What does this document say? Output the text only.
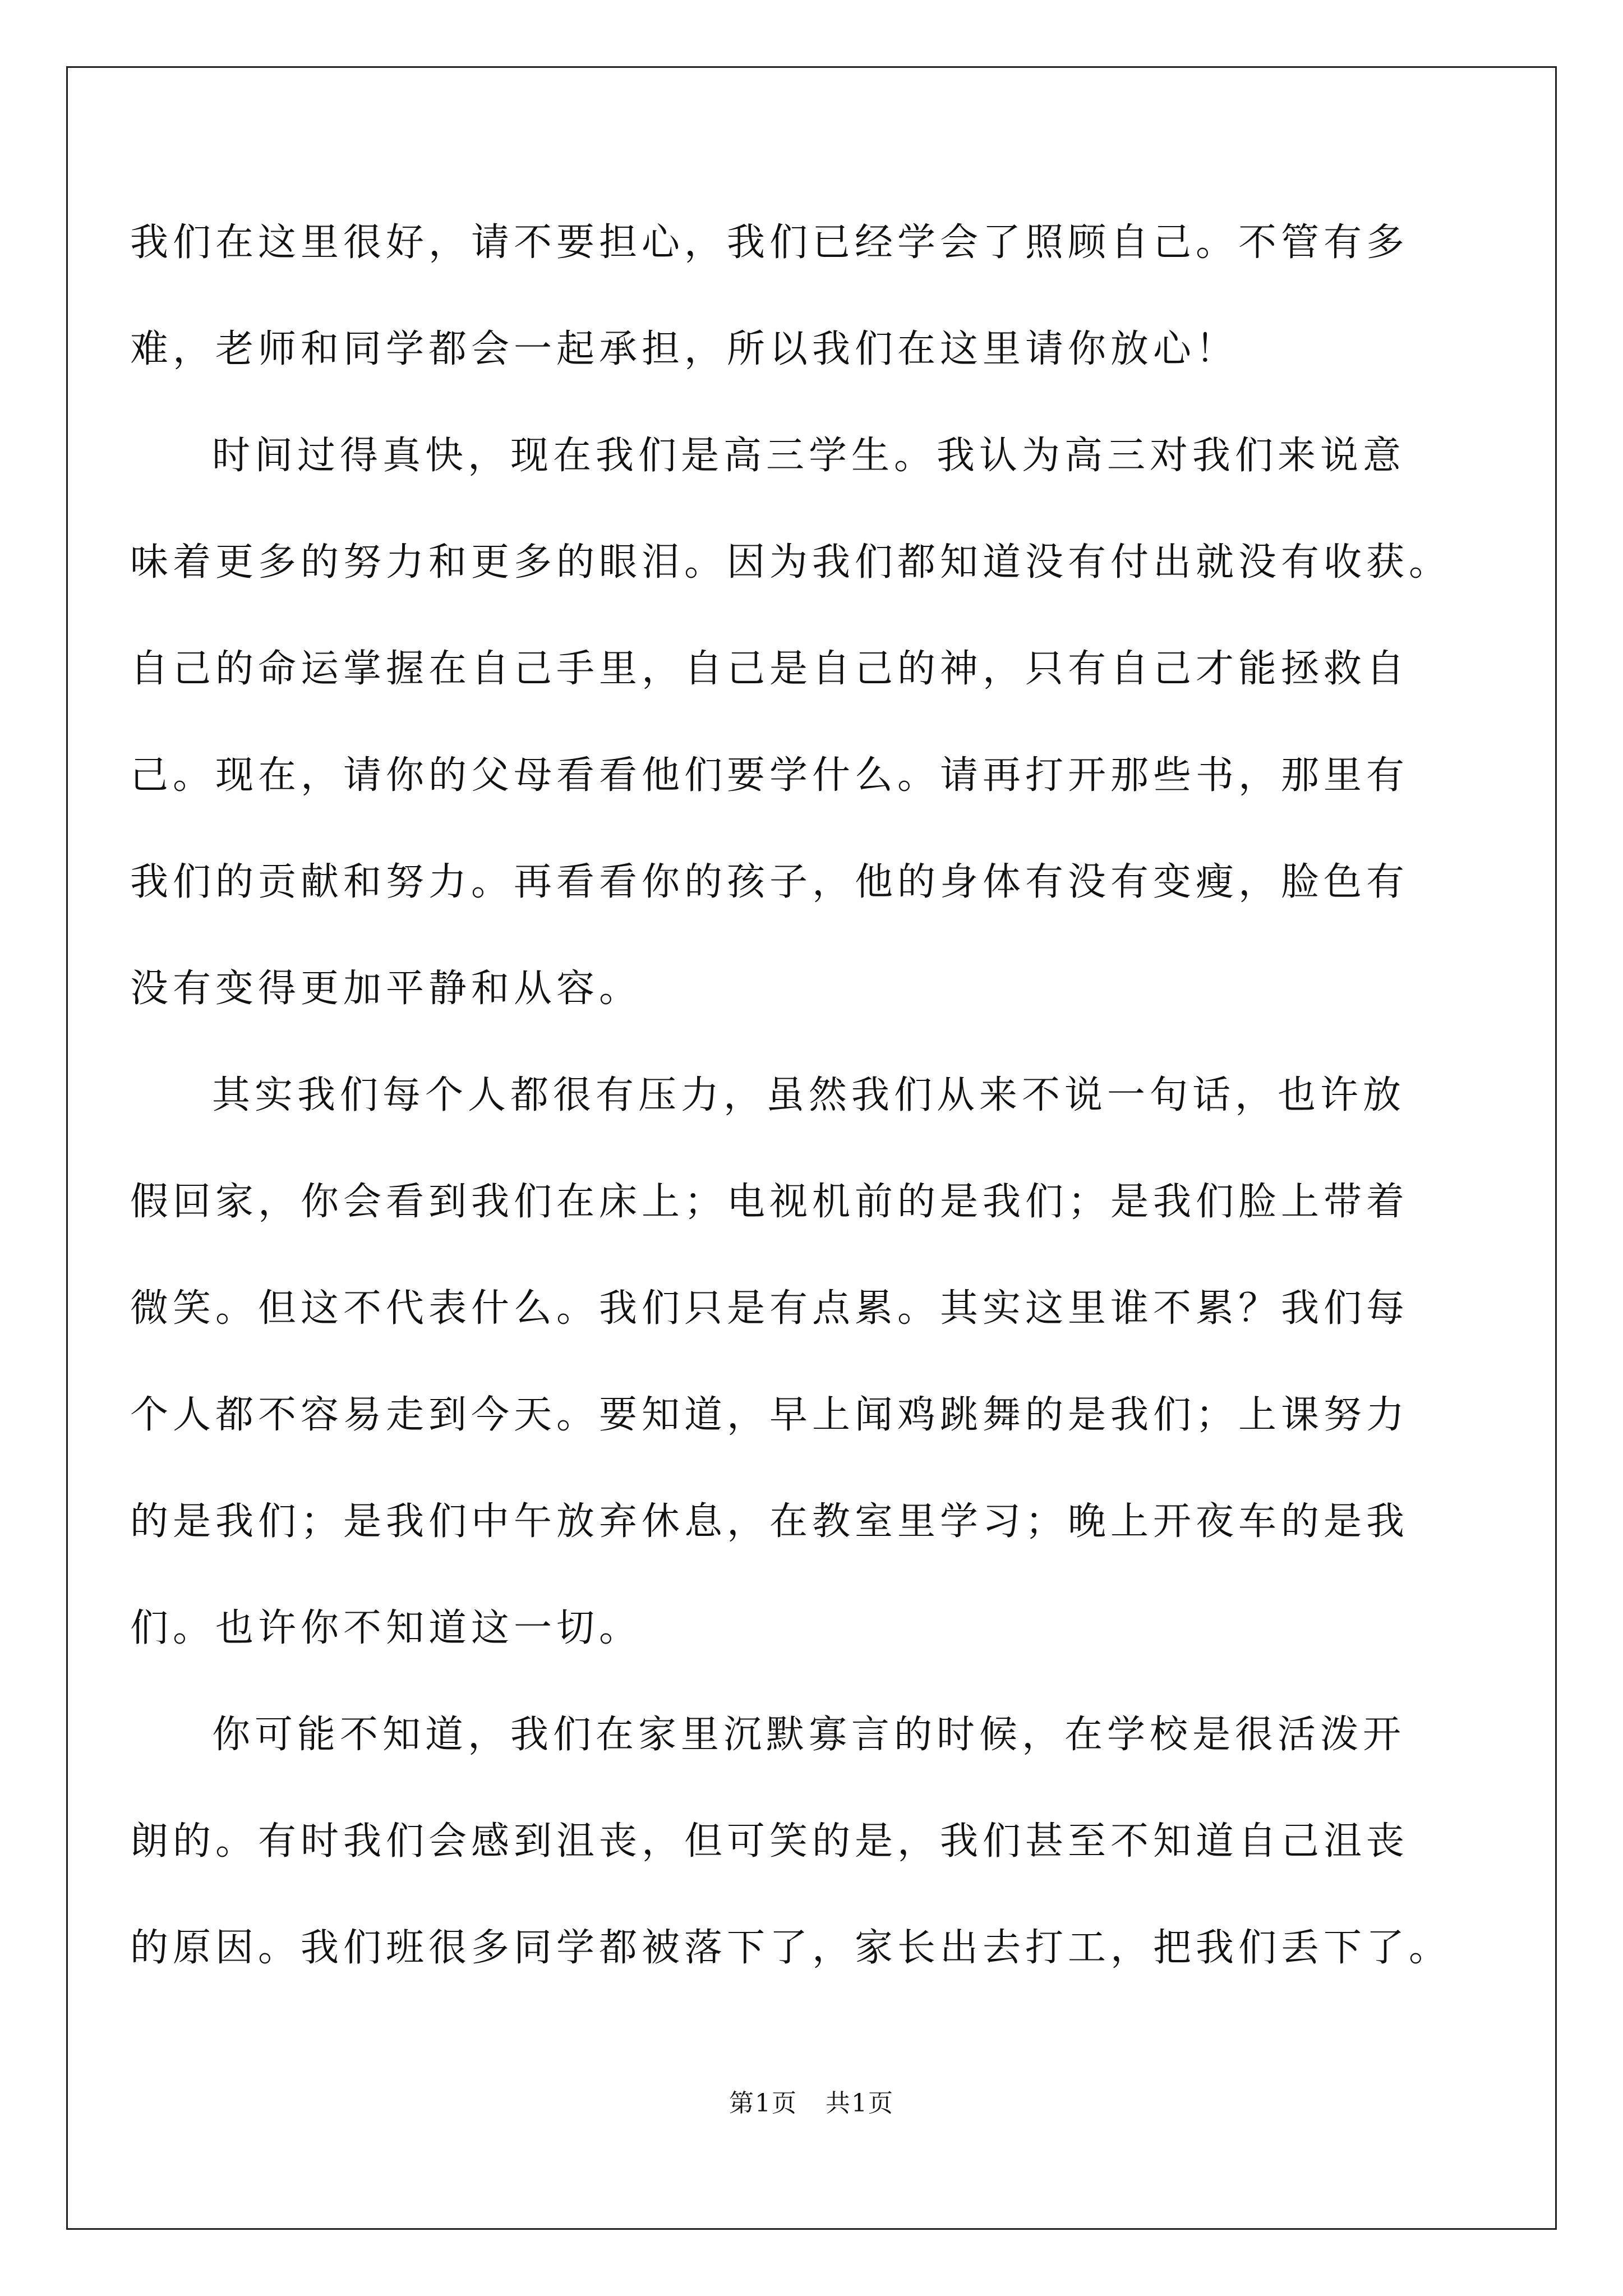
我们在这里很好，请不要担心，我们已经学会了照顾自己。不管有多
难，老师和同学都会一起承担，所以我们在这里请你放心！
时间过得真快，现在我们是高三学生。我认为高三对我们来说意
味着更多的努力和更多的眼泪。因为我们都知道没有付出就没有收获。
自己的命运掌握在自己手里，自己是自己的神，只有自己才能拯救自
己。现在，请你的父母看看他们要学什么。请再打开那些书，那里有
我们的贡献和努力。再看看你的孩子，他的身体有没有变瘦，脸色有
没有变得更加平静和从容。
其实我们每个人都很有压力，虽然我们从来不说一句话，也许放
假回家，你会看到我们在床上；电视机前的是我们；是我们脸上带着
微笑。但这不代表什么。我们只是有点累。其实这里谁不累？我们每
个人都不容易走到今天。要知道，早上闻鸡跳舞的是我们；上课努力
的是我们；是我们中午放弃休息，在教室里学习；晚上开夜车的是我
们。也许你不知道这一切。
你可能不知道，我们在家里沉默寡言的时候，在学校是很活泼开
朗的。有时我们会感到沮丧，但可笑的是，我们甚至不知道自己沮丧
的原因。我们班很多同学都被落下了，家长出去打工，把我们丢下了。
第1页 共1页
